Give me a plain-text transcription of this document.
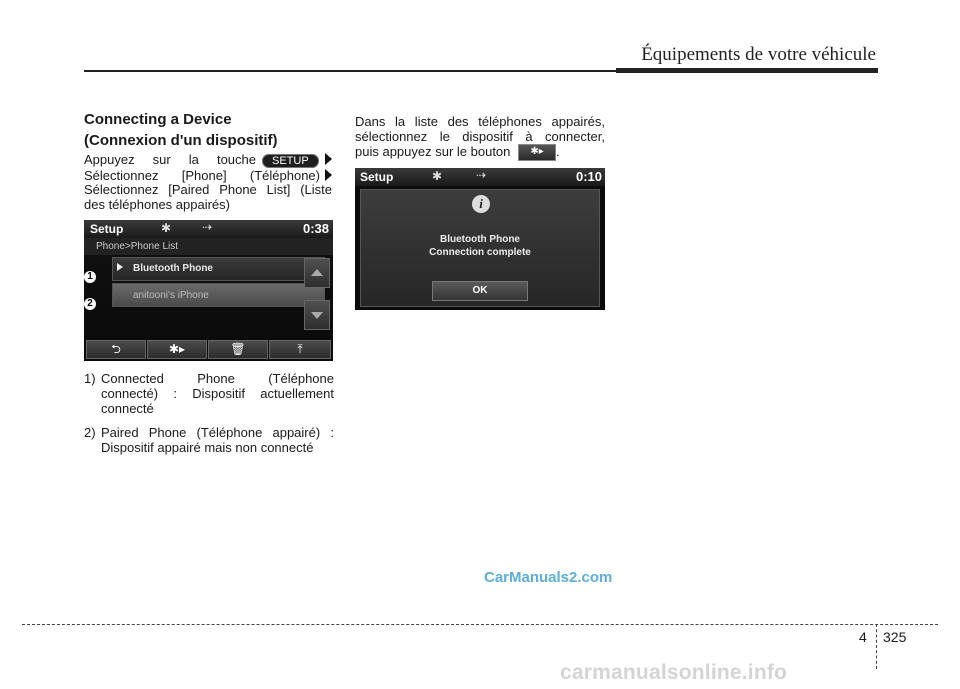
Équipements de votre véhicule
Connecting a Device
(Connexion d'un dispositif)
Appuyez sur la touche SETUP
Sélectionnez [Phone] (Téléphone)
Sélectionnez [Paired Phone List] (Liste
des téléphones appairés)
Setup	✱	⇢	0:38
Phone>Phone List
Bluetooth Phone
anitooni's iPhone
1
2
⮌	✱▸	🗑	⤒
1) Connected Phone (Téléphone
connecté) : Dispositif actuellement
connecté
2) Paired Phone (Téléphone appairé) :
Dispositif appairé mais non connecté
Dans la liste des téléphones appairés,
sélectionnez le dispositif à connecter,
puis appuyez sur le bouton ✱▸ .
Setup	✱	⇢	0:10
i
Bluetooth Phone
Connection complete
OK
CarManuals2.com
4 325
carmanualsonline.info
